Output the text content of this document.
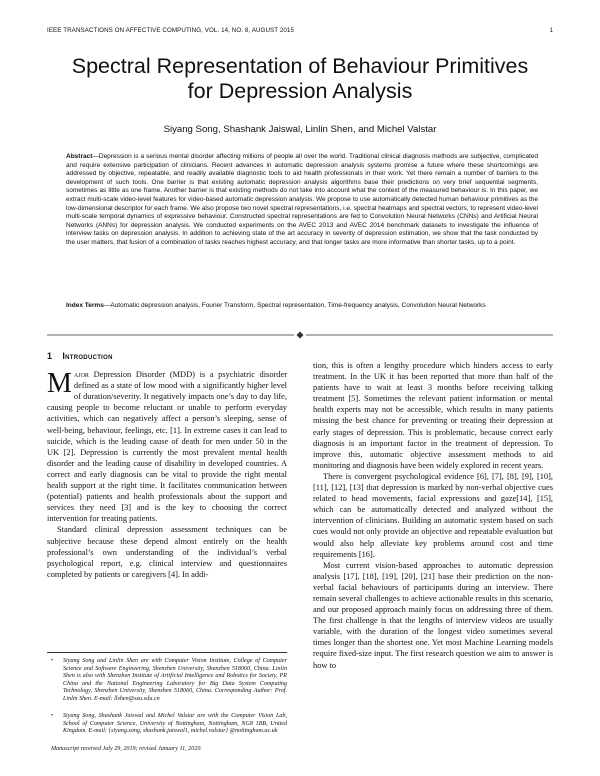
IEEE TRANSACTIONS ON AFFECTIVE COMPUTING, VOL. 14, NO. 8, AUGUST 2015	1
Spectral Representation of Behaviour Primitives
for Depression Analysis
Siyang Song, Shashank Jaiswal, Linlin Shen, and Michel Valstar
Abstract—Depression is a serious mental disorder affecting millions of people all over the world. Traditional clinical diagnosis methods are subjective, complicated and require extensive participation of clinicians. Recent advances in automatic depression analysis systems promise a future where these shortcomings are addressed by objective, repeatable, and readily available diagnostic tools to aid health professionals in their work. Yet there remain a number of barriers to the development of such tools. One barrier is that existing automatic depression analysis algorithms base their predictions on very brief sequential segments, sometimes as little as one frame. Another barrier is that existing methods do not take into account what the context of the measured behaviour is. In this paper, we extract multi-scale video-level features for video-based automatic depression analysis. We propose to use automatically detected human behaviour primitives as the low-dimensional descriptor for each frame. We also propose two novel spectral representations, i.e. spectral heatmaps and spectral vectors, to represent video-level multi-scale temporal dynamics of expressive behaviour. Constructed spectral representations are fed to Convolution Neural Networks (CNNs) and Artificial Neural Networks (ANNs) for depression analysis. We conducted experiments on the AVEC 2013 and AVEC 2014 benchmark datasets to investigate the influence of interview tasks on depression analysis. In addition to achieving state of the art accuracy in severity of depression estimation, we show that the task conducted by the user matters, that fusion of a combination of tasks reaches highest accuracy, and that longer tasks are more informative than shorter tasks, up to a point.
Index Terms—Automatic depression analysis, Fourier Transform, Spectral representation, Time-frequency analysis, Convolution Neural Networks
1 Introduction

Major Depression Disorder (MDD) is a psychiatric disorder defined as a state of low mood with a significantly higher level of duration/severity. It negatively impacts one’s day to day life, causing people to become reluctant or unable to perform everyday activities, which can negatively affect a person’s sleeping, sense of well-being, behaviour, feelings, etc. [1]. In extreme cases it can lead to suicide, which is the leading cause of death for men under 50 in the UK [2]. Depression is currently the most prevalent mental health disorder and the leading cause of disability in developed countries. A correct and early diagnosis can be vital to provide the right mental health support at the right time. It facilitates communication between (potential) patients and health professionals about the support and services they need [3] and is the key to choosing the correct intervention for treating patients.

Standard clinical depression assessment techniques can be subjective because these depend almost entirely on the health professional’s own understanding of the individual’s verbal psychological report, e.g. clinical interview and questionnaires completed by patients or caregivers [4]. In addi-

tion, this is often a lengthy procedure which hinders access to early treatment. In the UK it has been reported that more than half of the patients have to wait at least 3 months before receiving talking treatment [5]. Sometimes the relevant patient information or mental health experts may not be accessible, which results in many patients missing the best chance for preventing or treating their depression at early stages of depression. This is problematic, because correct early diagnosis is an important factor in the treatment of depression. To improve this, automatic objective assessment methods to aid monitoring and diagnosis have been widely explored in recent years.

There is convergent psychological evidence [6], [7], [8], [9], [10], [11], [12], [13] that depression is marked by non-verbal objective cues related to head movements, facial expressions and gaze[14], [15], which can be automatically detected and analyzed without the intervention of clinicians. Building an automatic system based on such cues would not only provide an objective and repeatable evaluation but would also help alleviate key problems around cost and time requirements [16].

Most current vision-based approaches to automatic depression analysis [17], [18], [19], [20], [21] base their prediction on the non-verbal facial behaviours of participants during an interview. There remain several challenges to achieve actionable results in this scenario, and our proposed approach mainly focus on addressing three of them. The first challenge is that the lengths of interview videos are usually variable, with the duration of the longest video sometimes several times longer than the shortest one. Yet most Machine Learning models require fixed-size input. The first research question we aim to answer is how to

•	Siyang Song and Linlin Shen are with Computer Vision Institute, College of Computer Science and Software Engineering, Shenzhen University, Shenzhen 518060, China. Linlin Shen is also with Shenzhen Institute of Artificial Intelligence and Robotics for Society, PR China and the National Engineering Laboratory for Big Data System Computing Technology, Shenzhen University, Shenzhen 518060, China. Corresponding Author: Prof. Linlin Shen. E-mail: llshen@szu.edu.cn
•	Siyang Song, Shashank Jaiswal and Michel Valstar are with the Computer Vision Lab, School of Computer Science, University of Nottingham, Nottingham, NG8 1BB, United Kingdom. E-mail: {siyang.song, shashank.jaiswal1, michel.valstar} @nottingham.ac.uk
Manuscript received July 29, 2019; revised January 11, 2020.
